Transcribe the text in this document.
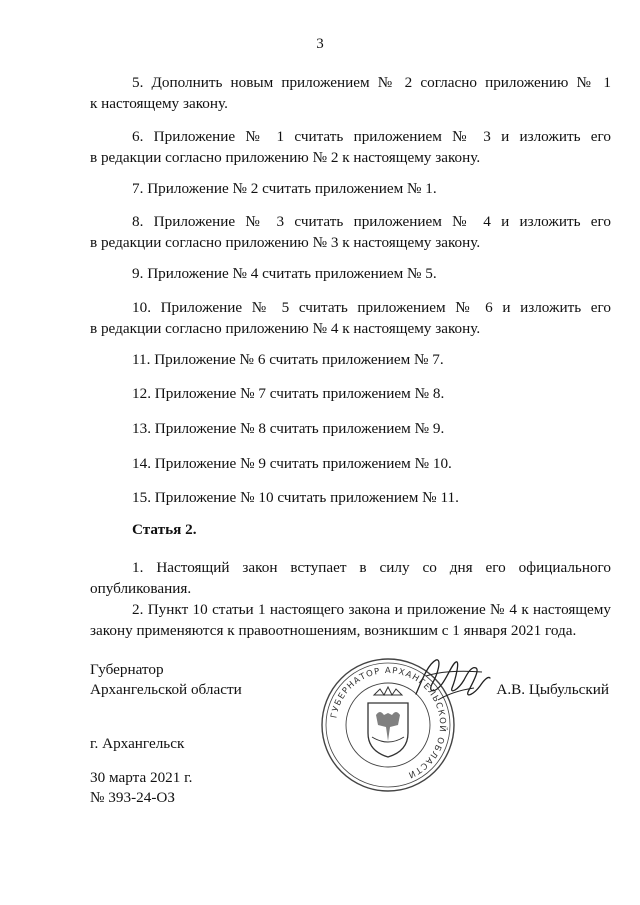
3
5. Дополнить новым приложением № 2 согласно приложению № 1
к настоящему закону.
6. Приложение № 1 считать приложением № 3 и изложить его
в редакции согласно приложению № 2 к настоящему закону.
7. Приложение № 2 считать приложением № 1.
8. Приложение № 3 считать приложением № 4 и изложить его
в редакции согласно приложению № 3 к настоящему закону.
9. Приложение № 4 считать приложением № 5.
10. Приложение № 5 считать приложением № 6 и изложить его
в редакции согласно приложению № 4 к настоящему закону.
11. Приложение № 6 считать приложением № 7.
12. Приложение № 7 считать приложением № 8.
13. Приложение № 8 считать приложением № 9.
14. Приложение № 9 считать приложением № 10.
15. Приложение № 10 считать приложением № 11.
Статья 2.
1. Настоящий закон вступает в силу со дня его официального
опубликования.
2. Пункт 10 статьи 1 настоящего закона и приложение № 4 к настоящему
закону применяются к правоотношениям, возникшим с 1 января 2021 года.
Губернатор
Архангельской области	А.В. Цыбульский
г. Архангельск
30 марта 2021 г.
№ 393-24-ОЗ
ГУБЕРНАТОР АРХАНГЕЛЬСКОЙ ОБЛАСТИ
